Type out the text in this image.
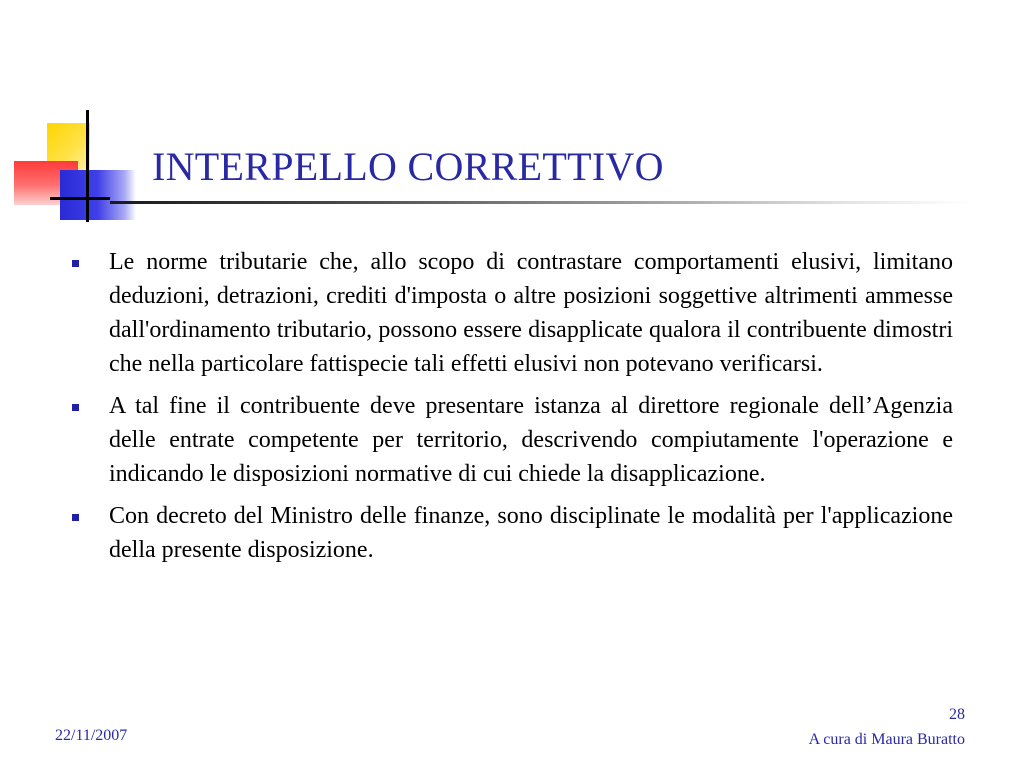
INTERPELLO CORRETTIVO
Le norme tributarie che, allo scopo di contrastare comportamenti elusivi, limitano deduzioni, detrazioni, crediti d'imposta o altre posizioni soggettive altrimenti ammesse dall'ordinamento tributario, possono essere disapplicate qualora il contribuente dimostri che nella particolare fattispecie tali effetti elusivi non potevano verificarsi.
A tal fine il contribuente deve presentare istanza al direttore regionale dell’Agenzia delle entrate competente per territorio, descrivendo compiutamente l'operazione e indicando le disposizioni normative di cui chiede la disapplicazione.
Con decreto del Ministro delle finanze, sono disciplinate le modalità per l'applicazione della presente disposizione.
22/11/2007
28
A cura di Maura Buratto
